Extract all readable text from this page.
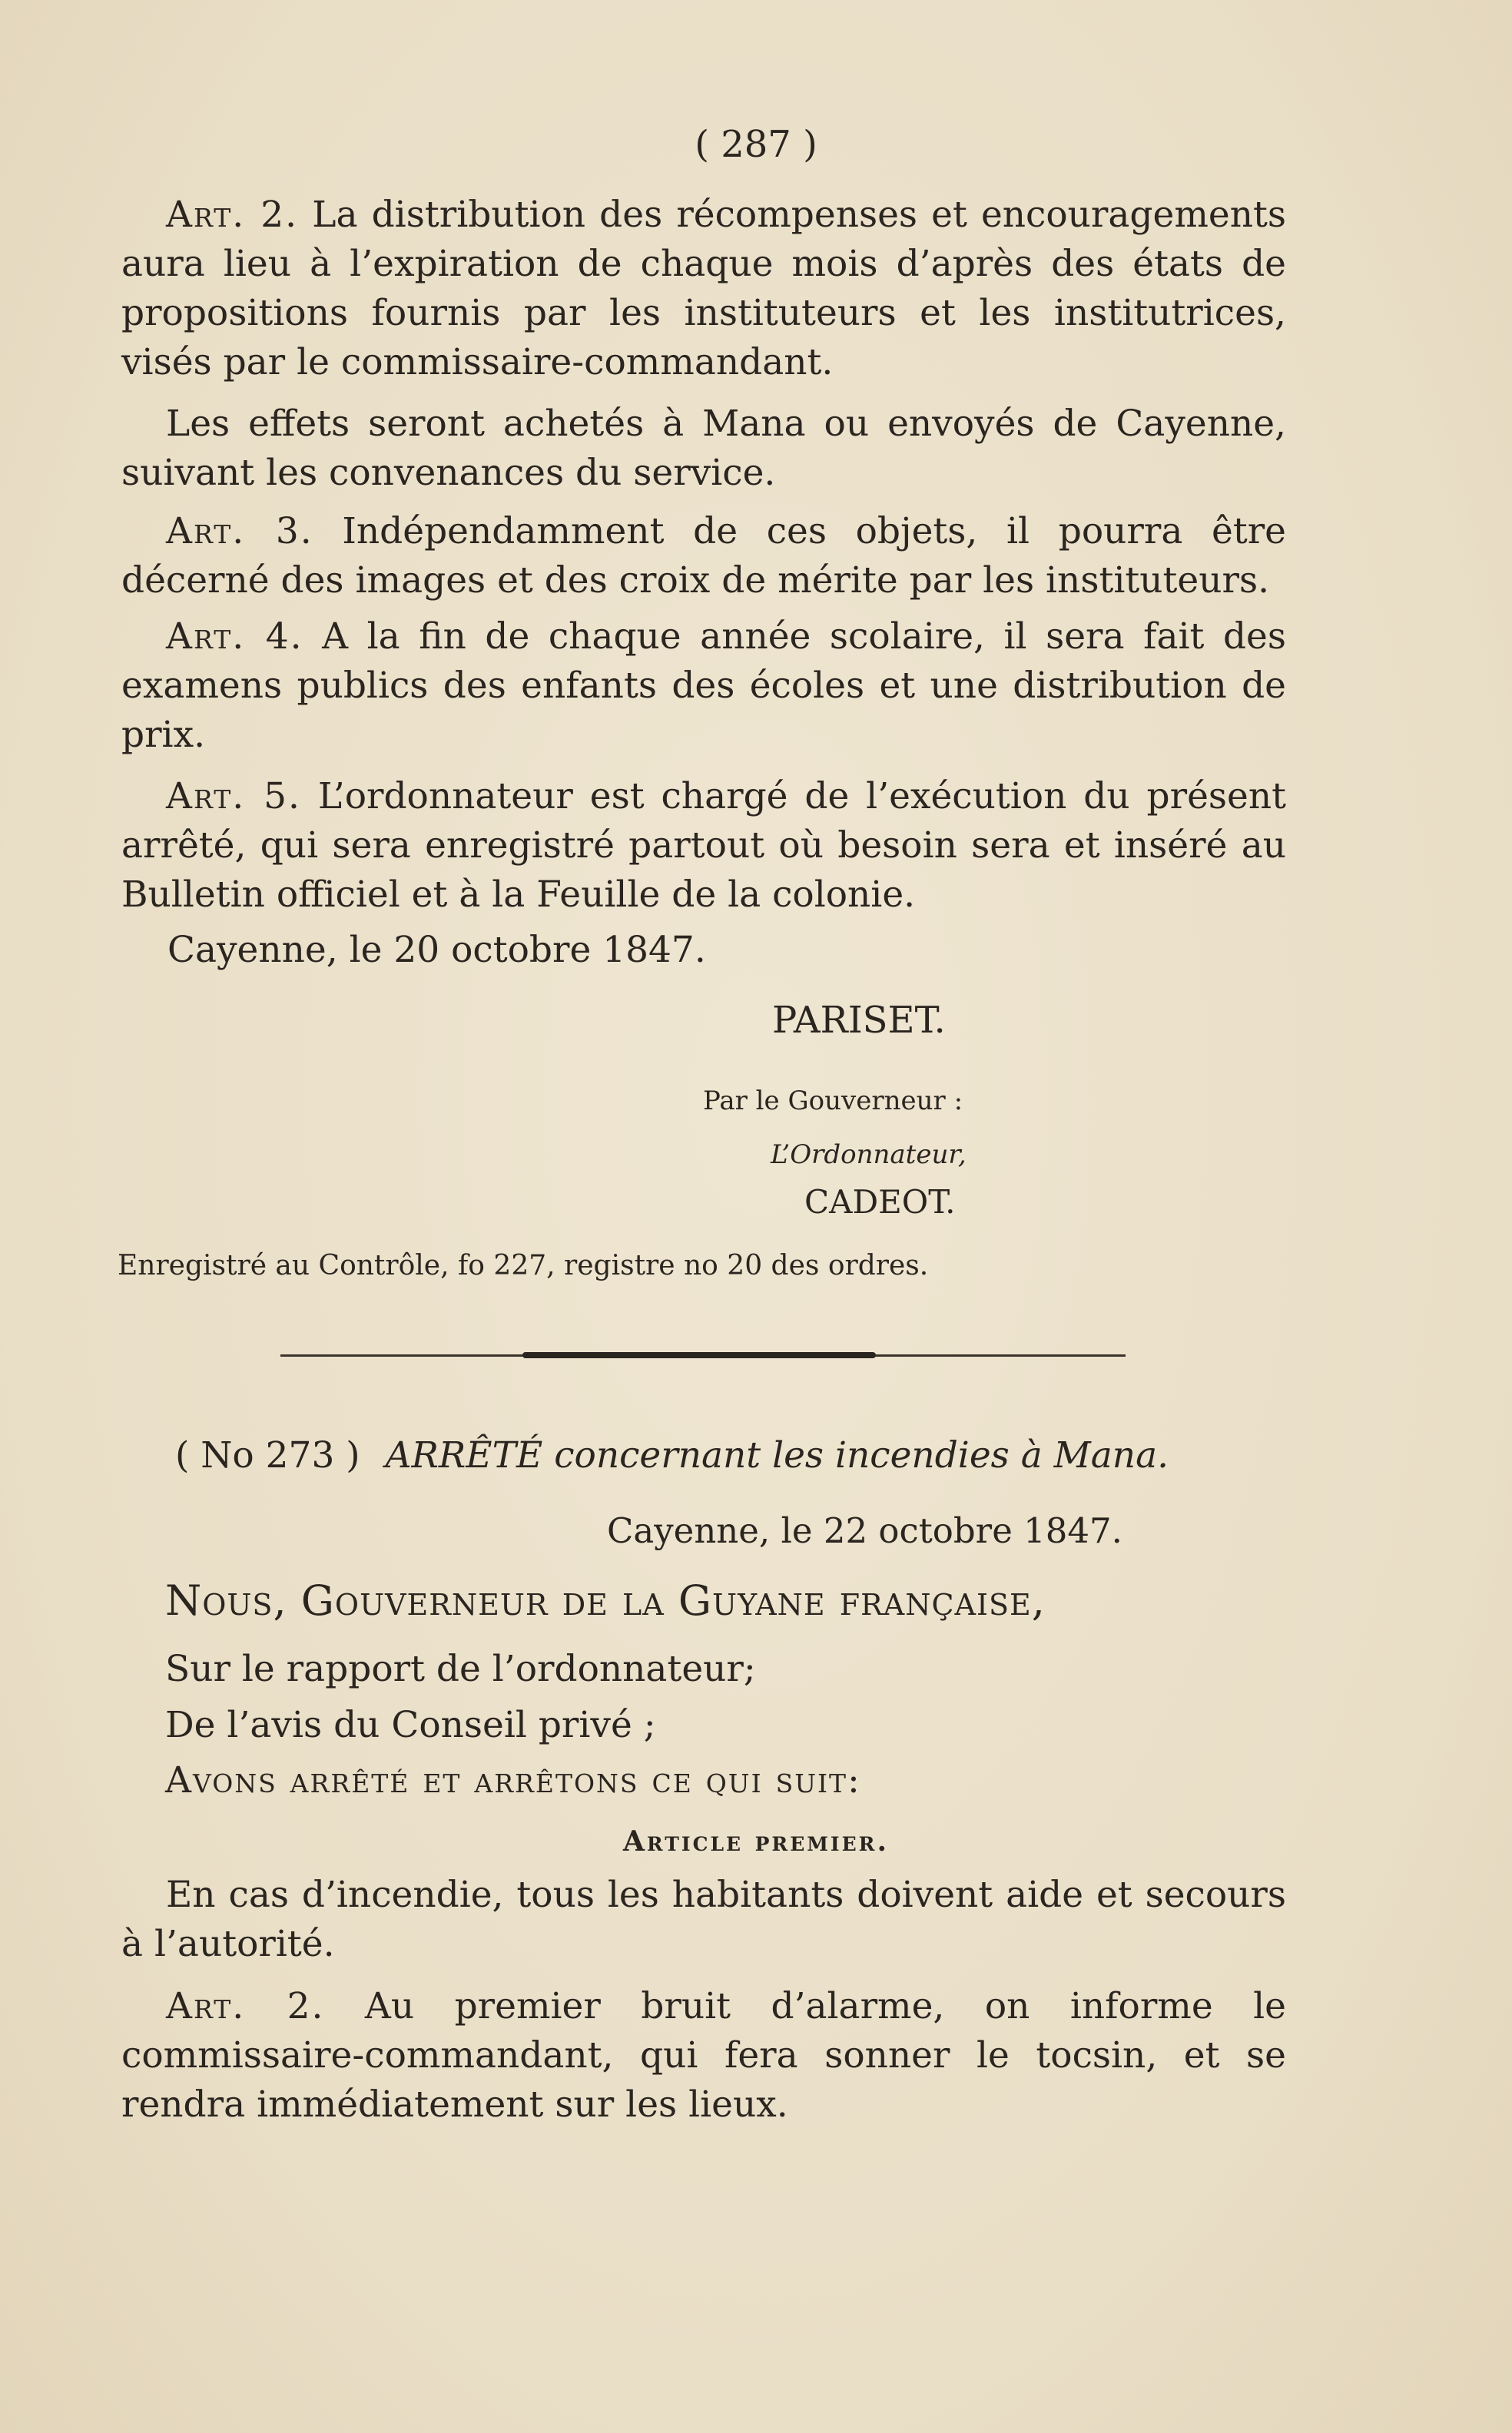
( 287 )
Art. 2. La distribution des récompenses et encouragements aura lieu à l’expiration de chaque mois d’après des états de propositions fournis par les instituteurs et les institutrices, visés par le commissaire-commandant.
Les effets seront achetés à Mana ou envoyés de Cayenne, suivant les convenances du service.
Art. 3. Indépendamment de ces objets, il pourra être décerné des images et des croix de mérite par les instituteurs.
Art. 4. A la fin de chaque année scolaire, il sera fait des examens publics des enfants des écoles et une distribution de prix.
Art. 5. L’ordonnateur est chargé de l’exécution du présent arrêté, qui sera enregistré partout où besoin sera et inséré au Bulletin officiel et à la Feuille de la colonie.
Cayenne, le 20 octobre 1847.
PARISET.
Par le Gouverneur :
L’Ordonnateur,
CADEOT.
Enregistré au Contrôle, fo 227, registre no 20 des ordres.
( No 273 ) ARRÊTÉ concernant les incendies à Mana.
Cayenne, le 22 octobre 1847.
Nous, Gouverneur de la Guyane française,
Sur le rapport de l’ordonnateur;
De l’avis du Conseil privé ;
Avons arrêté et arrêtons ce qui suit:
Article premier.
En cas d’incendie, tous les habitants doivent aide et secours à l’autorité.
Art. 2. Au premier bruit d’alarme, on informe le commissaire-commandant, qui fera sonner le tocsin, et se rendra immédiatement sur les lieux.
